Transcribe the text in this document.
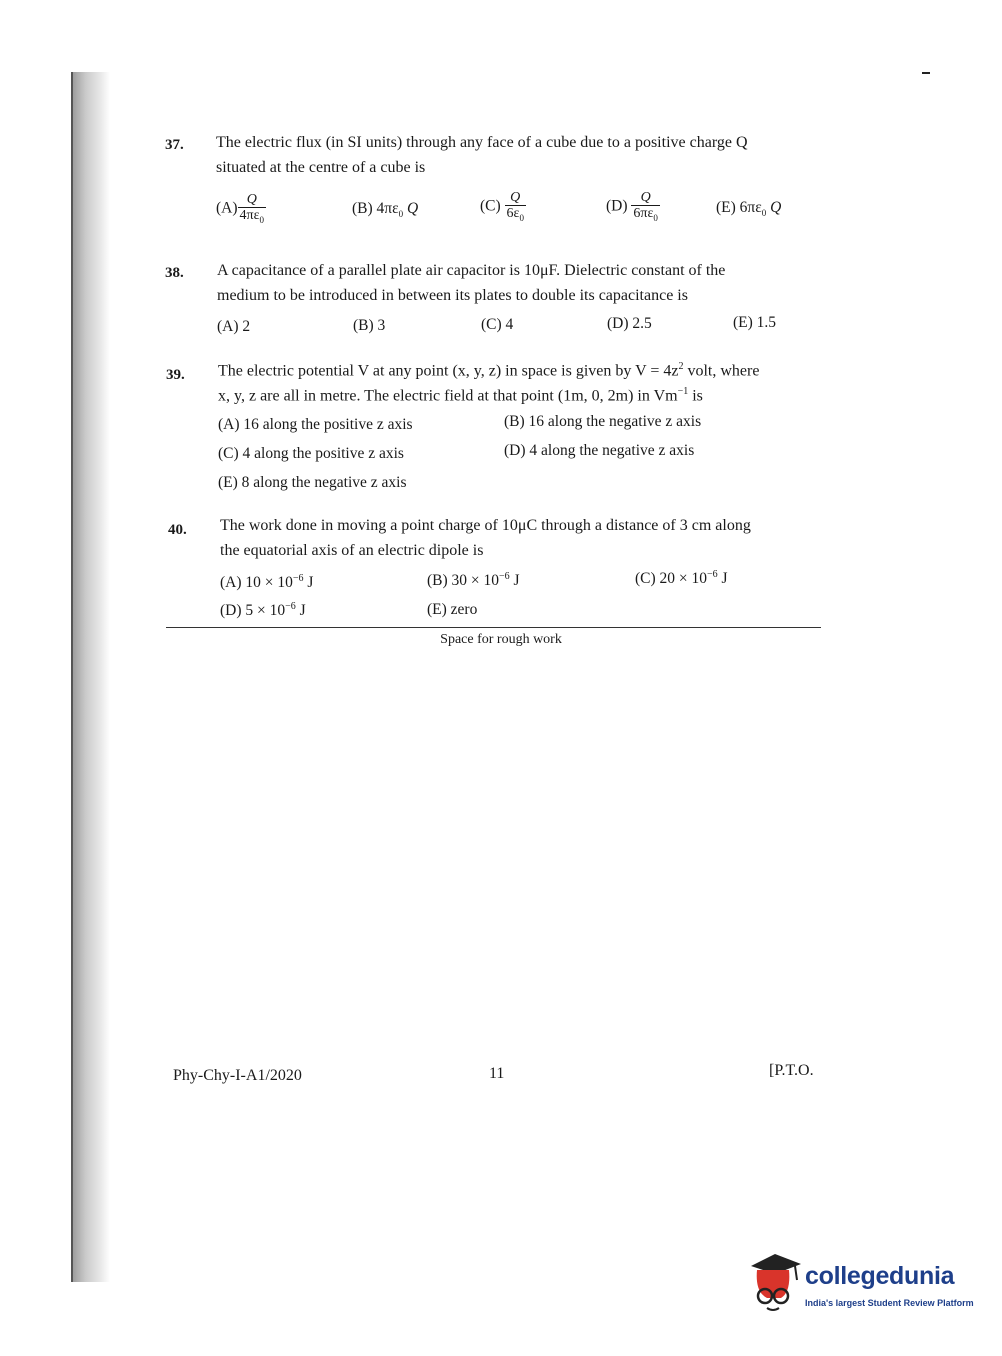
37. The electric flux (in SI units) through any face of a cube due to a positive charge Q
situated at the centre of a cube is
$(A) \frac{Q}{4\pi\varepsilon_0}$	(B) $4\pi\varepsilon_0$ Q	$(C) \frac{Q}{6\varepsilon_0}$	$(D) \frac{Q}{6\pi\varepsilon_0}$	(E) $6\pi\varepsilon_0$ Q
38. A capacitance of a parallel plate air capacitor is 10μF. Dielectric constant of the
medium to be introduced in between its plates to double its capacitance is
(A) 2	(B) 3	(C) 4	(D) 2.5	(E) 1.5
39. The electric potential V at any point (x, y, z) in space is given by $V = 4z^2$ volt, where
x, y, z are all in metre. The electric field at that point (1m, 0, 2m) in $Vm^{-1}$ is
(A) 16 along the positive z axis	(B) 16 along the negative z axis
(C) 4 along the positive z axis	(D) 4 along the negative z axis
(E) 8 along the negative z axis
40. The work done in moving a point charge of 10μC through a distance of 3 cm along
the equatorial axis of an electric dipole is
(A) $10 \times 10^{-6}$ J	(B) $30 \times 10^{-6}$ J	(C) $20 \times 10^{-6}$ J
(D) $5 \times 10^{-6}$ J	(E) zero
Space for rough work
Phy-Chy-I-A1/2020	11	[P.T.O.
collegedunia
India's largest Student Review Platform
